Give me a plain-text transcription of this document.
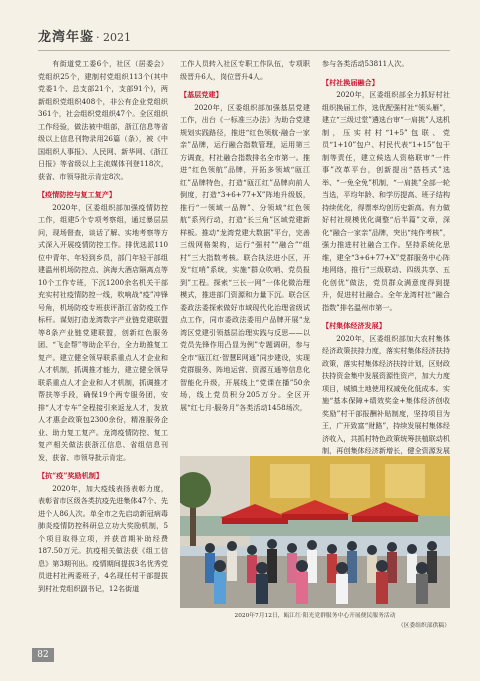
龙湾年鉴 · 2021

有街道党工委6个，社区（居委会）党组织25个，建制村党组织113个(其中党委1个、总支部21个，支部91个)，两新组织党组织408个，非公有企业党组织361个，社会组织党组织47个。全区组织工作经验，做法被中组部，浙江信息等省级以上信息刊物录用26篇（条），被《中国组织人事报》、人民网、新华网、《浙江日报》等省级以上主流媒体刊登118次，获省、市领导批示肯定8次。

【疫情防控与复工复产】

2020年，区委组织部加强疫情防控工作，组建5个专项考察组，通过暴层层问，现场督查，谈话了解、实地考察等方式深入开展疫情防控工作。排优选派110位中青年、年轻到乡员，部门年轻干部组建温州机场防控点、滨海大酒店隔离点等10个工作专班，下沉1200余名机关干部充实村社疫情防控一线，吹响战“疫”冲锋号角，机场防疫专班获评浙江省防疫工作标杆。谋划打造龙湾数字产业链党建联盟等8条产业链党建联盟，创新红色服务团、“飞企帮”等助企平台，全力助推复工复产。建立健全领导联系重点人才企业和人才机制，抓调推才能力，建立健全领导联系重点人才企业和人才机制，抓调推才帮扶等手段，确保19个两专服务团，安排“人才专车”全程接引来返龙人才，发放人才惠企政策包2300余份，精准服务企业、助力复工复产。龙湾疫情防控、复工复产相关做法获浙江信息、省组信息刊发，获省、市领导批示肯定。

【抗“疫”奖励机制】

2020年，加大疫线表扬表彰力度，表彰省市区级各类抗疫先进集体47个、先进个人86人次。单全市之先启动新冠病毒肺炎疫情防控科研总立功大奖励机制，5个项目取得立项，并获首期补助经费187.50万元。抗疫相关做法获《组工信息》第3期刊出。疫情期间提拔3名优秀党员进村社两委班子，4名现任村干部提拔到村社党组织副书记，12名街道

工作人员转入社区专职工作队伍，专项职级晋升6人，岗位晋升4人。

【基层党建】

2020年，区委组织部加强基层党建工作，出台《一标准三办法》为助合党建规划实践路径，推进“红色领航·融合一家亲”品牌，运行融合指数管理，运用第三方调查，村社融合指数排名全市第一。推进“红色领航”品牌，开拓多领域“瓯江红”品牌特色，打造“瓯江红”品牌向前人倒度，打造“3+6+77+X”阵地升级版，推行“一领域一品牌”、分领域“红色领航”系列行动，打造“长三角”区域党建新样板。推动“龙湾党建大数据”平台，完善三级网格架构，运行“强村”“融合”“组村”三大指数考核。联合执法进小区，开发“红哨”系统，实施“群众吹哨、党员报到”工程。探索“三长一网”一体化微治理模式，推进部门资源和力量下沉。联合区委政法委探索做好市域现代化治理省级试点工作，同市委政法委用户品牌开展“龙湾区党建引领基层治理实践与反思——以党员先锋作用凸显为例”专题调研，参与全市“瓯江红·智慧E网通”同步建设，实现党群服务、阵地运营、资源互通等信息化智能化升级，开展线上“党课在播”50余场，线上党员积分205万分。全区开展“红七月·服务月”各类活动1458场次，

参与各类活动53811人次。

【村社换届融合】

2020年，区委组织部全力抓好村社组织换届工作，选优配强村社“领头雁”，建立“三级过堂”遴选台审“一肩挑”人选机制，压实村村“1+5”包联、党员“1+10”包户、村民代表“1+15”包干制等责任，建立候选人资格联审“一件事”改革平台，创新提出“搭档式”选举、“一免全免”机制，“一肩挑”全部一轮当选，平均年龄、和学历提高、班子结构持续优化，得票率均创历史新高。有力做好村社规模优化调整“后半篇”文章，深化“融合一家亲”品牌，突出“纯作考核”，强力推进村社融合工作。坚持系统化思维，建全“3+6+77+X”党群服务中心阵地网络，推行“三级联动、四级共享、五化创优”做法，党员群众满意度得到提升，促进村社融合。全年龙湾村社“融合指数”排名温州市第一。

【村集体经济发展】

2020年，区委组织部加大农村集体经济政策扶持力度，落实村集体经济扶持政策，落实村集体经济扶持计划，区财政扶持资金集中发展资源性资产，加大力度项目，城镇土地使用权减免化低成本。实施“基本保障+绩效奖金+集体经济创收奖励”村干部报酬补贴制度，坚持项目为王，广开致富“财路”，持续发展村集体经济收入，共抓村特色政策统筹扶植联动机制，再创集体经济新增长，健全资源发展

2020年7月12日，瓯江红·阳光党群服务中心开展便民服务活动
（区委组织部供稿）
82
